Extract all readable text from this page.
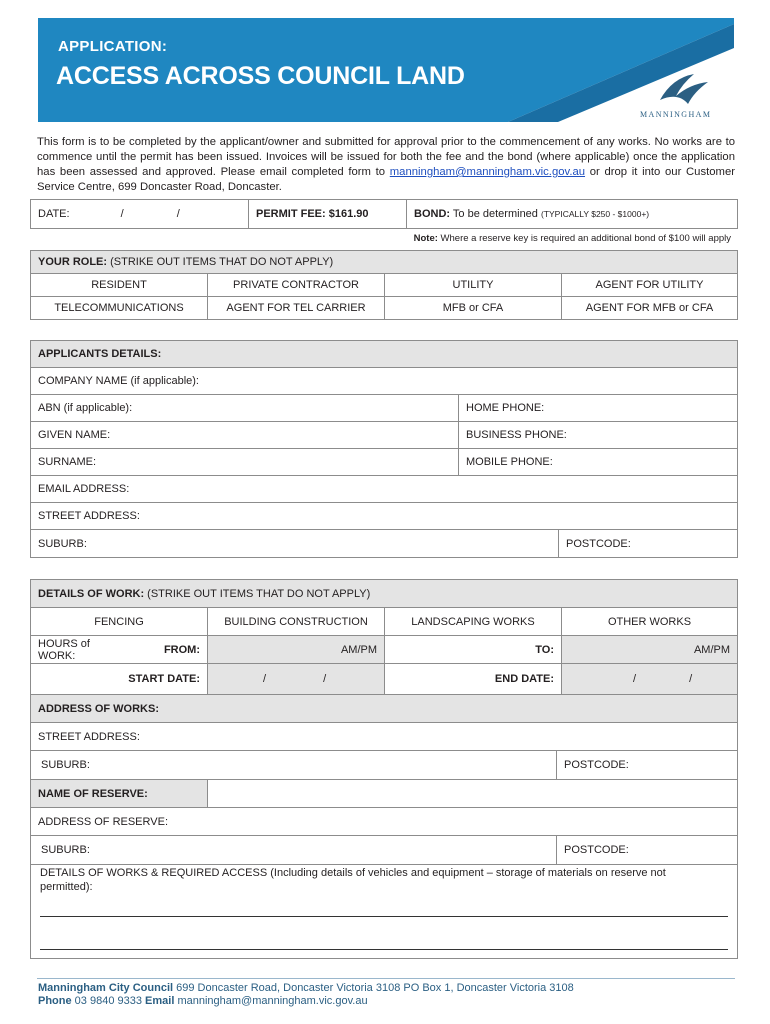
APPLICATION:
ACCESS ACROSS COUNCIL LAND
MANNINGHAM
This form is to be completed by the applicant/owner and submitted for approval prior to the commencement of any works. No works are to commence until the permit has been issued. Invoices will be issued for both the fee and the bond (where applicable) once the application has been assessed and approved. Please email completed form to manningham@manningham.vic.gov.au or drop it into our Customer Service Centre, 699 Doncaster Road, Doncaster.
DATE:	/	/	PERMIT FEE: $161.90	BOND: To be determined (TYPICALLY $250 - $1000+)
Note: Where a reserve key is required an additional bond of $100 will apply
YOUR ROLE: (STRIKE OUT ITEMS THAT DO NOT APPLY)			
RESIDENT	PRIVATE CONTRACTOR	UTILITY	AGENT FOR UTILITY
TELECOMMUNICATIONS	AGENT FOR TEL CARRIER	MFB or CFA	AGENT FOR MFB or CFA
APPLICANTS DETAILS:	
COMPANY NAME (if applicable):	
ABN (if applicable):	HOME PHONE:
GIVEN NAME:	BUSINESS PHONE:
SURNAME:	MOBILE PHONE:
EMAIL ADDRESS:	
STREET ADDRESS:	

SUBURB: POSTCODE:	
DETAILS OF WORK: (STRIKE OUT ITEMS THAT DO NOT APPLY)					
FENCING		BUILDING CONSTRUCTION	LANDSCAPING WORKS		OTHER WORKS
HOURS of WORK:	FROM:	AM/PM		TO:	AM/PM
START DATE:		/ /	END DATE:		/ /
ADDRESS OF WORKS:					
STREET ADDRESS:					

SUBURB: POSTCODE:					

NAME OF RESERVE:					
ADDRESS OF RESERVE:					

SUBURB: POSTCODE:					
DETAILS OF WORKS & REQUIRED ACCESS (Including details of vehicles and equipment – storage of materials on reserve not permitted):
Manningham City Council 699 Doncaster Road, Doncaster Victoria 3108 PO Box 1, Doncaster Victoria 3108
Phone 03 9840 9333 Email manningham@manningham.vic.gov.au
